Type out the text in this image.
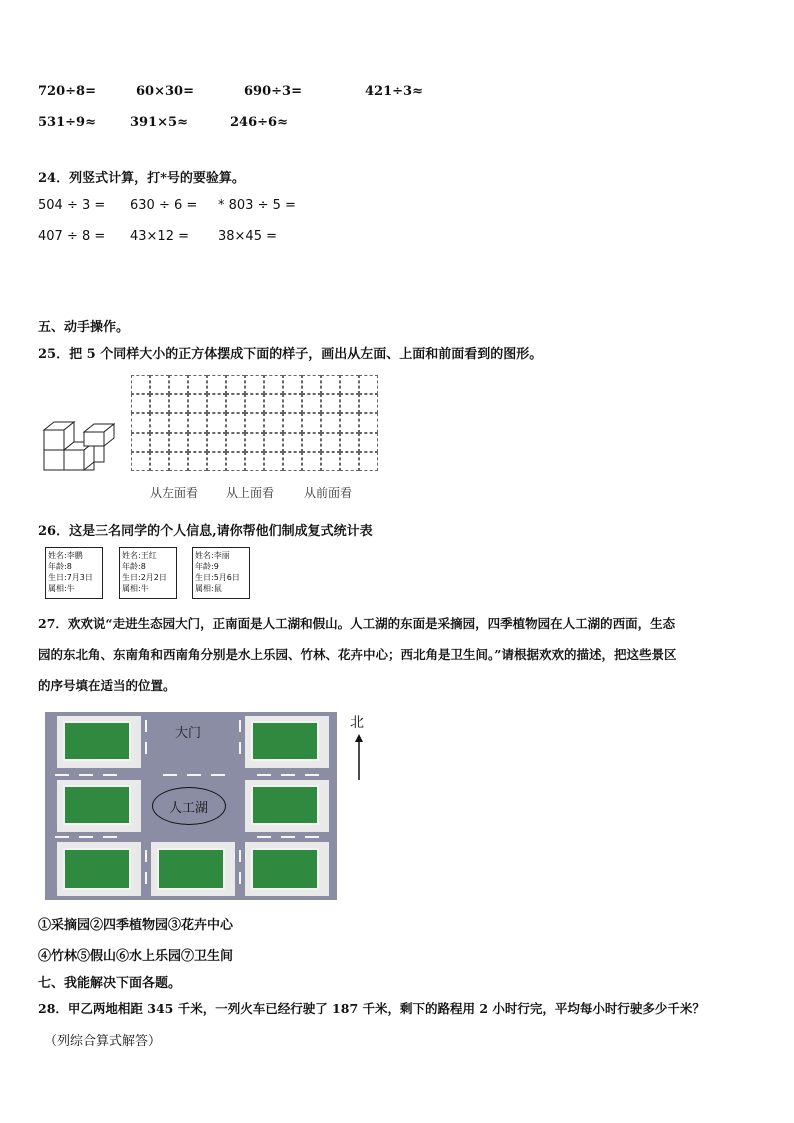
720÷8=	60×30=	690÷3=	421÷3≈
531÷9≈	391×5≈	246÷6≈
24．列竖式计算，打*号的要验算。
504 ÷ 3 = 630 ÷ 6 = * 803 ÷ 5 =
407 ÷ 8 = 43×12 = 38×45 =
五、动手操作。
25．把 5 个同样大小的正方体摆成下面的样子，画出从左面、上面和前面看到的图形。
从左面看 从上面看 从前面看
26．这是三名同学的个人信息,请你帮他们制成复式统计表
姓名:李鹏
年龄:8
生日:7月3日
属相:牛
姓名:王红
年龄:8
生日:2月2日
属相:牛
姓名:李丽
年龄:9
生日:5月6日
属相:鼠
27．欢欢说“走进生态园大门，正南面是人工湖和假山。人工湖的东面是采摘园，四季植物园在人工湖的西面，生态
园的东北角、东南角和西南角分别是水上乐园、竹林、花卉中心；西北角是卫生间。”请根据欢欢的描述，把这些景区
的序号填在适当的位置。
大门
人工湖
北
①采摘园②四季植物园③花卉中心
④竹林⑤假山⑥水上乐园⑦卫生间
七、我能解决下面各题。
28．甲乙两地相距 345 千米，一列火车已经行驶了 187 千米，剩下的路程用 2 小时行完，平均每小时行驶多少千米？
（列综合算式解答）
